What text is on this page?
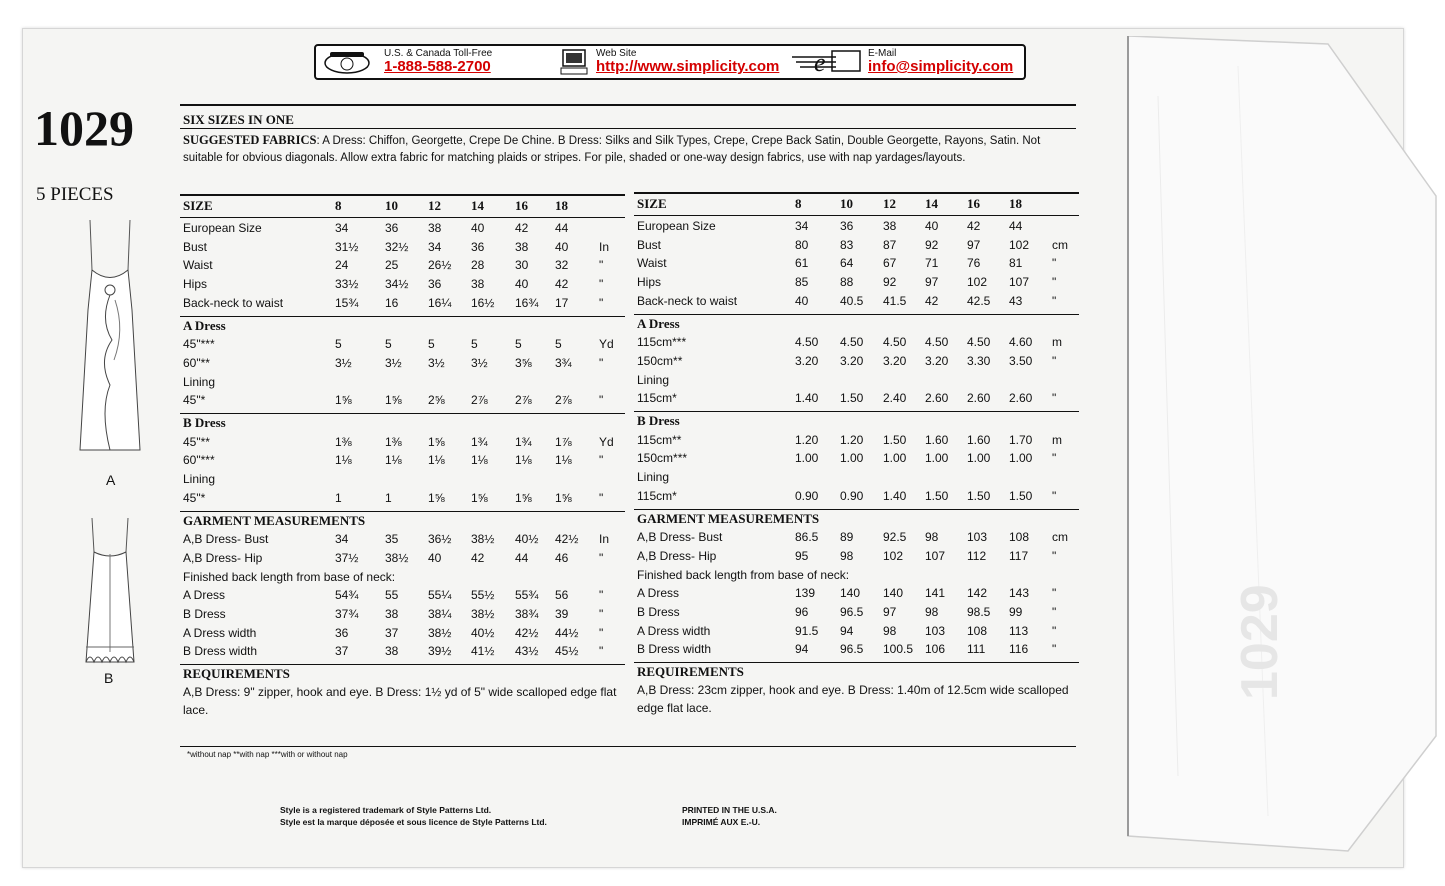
1029
U.S. & Canada Toll-Free
1-888-588-2700
Web Site
http://www.simplicity.com e	E-Mail
info@simplicity.com
1029
5 PIECES
SIX SIZES IN ONE
SUGGESTED FABRICS: A Dress: Chiffon, Georgette, Crepe De Chine. B Dress: Silks and Silk Types, Crepe, Crepe Back Satin, Double Georgette, Rayons, Satin. Not suitable for obvious diagonals. Allow extra fabric for matching plaids or stripes. For pile, shaded or one-way design fabrics, use with nap yardages/layouts.
A
B
SIZE	8	10 12 14 16 18
European Size	34	36 38 40	42 44
Bust	31½ 32½ 34 36	38 40	In
Waist	24	25 26½ 28	30 32	"
Hips	33½ 34½ 36 38	40 42	"
Back-neck to waist	15¾ 16 16¼ 16½ 16¾ 17	"
A Dress
45"***	5	5	5	5	5	5	Yd
60"**	3½	3½ 3½ 3½ 3⅝ 3¾ "
Lining
45"*	1⅝	1⅝ 2⅝ 2⅞ 2⅞ 2⅞ "
B Dress
45"**	1⅜	1⅜ 1⅝ 1¾ 1¾ 1⅞ Yd
60"***	1⅛	1⅛ 1⅛ 1⅛ 1⅛ 1⅛ "
Lining
45"*	1	1	1⅝ 1⅝ 1⅝ 1⅝ "
GARMENT MEASUREMENTS
A,B Dress- Bust	34	35 36½ 38½ 40½ 42½ In
A,B Dress- Hip	37½ 38½ 40 42	44 46	"
Finished back length from base of neck:
A Dress	54¾ 55 55¼ 55½ 55¾ 56	"
B Dress	37¾ 38 38¼ 38½ 38¾ 39	"
A Dress width	36	37 38½ 40½ 42½ 44½ "
B Dress width	37	38 39½ 41½ 43½ 45½ "
REQUIREMENTS
A,B Dress: 9" zipper, hook and eye. B Dress: 1½ yd of 5" wide scalloped edge flat lace.
SIZE	8	10 12 14 16 18
European Size	34	36 38 40 42 44
Bust	80	83 87 92 97 102 cm
Waist	61	64 67 71 76 81 "
Hips	85	88 92 97 102 107 "
Back-neck to waist	40	40.5 41.5 42 42.5 43 "
A Dress
115cm***	4.50 4.50 4.50 4.50 4.50 4.60 m
150cm**	3.20 3.20 3.20 3.20 3.30 3.50 "
Lining
115cm*	1.40 1.50 2.40 2.60 2.60 2.60 "
B Dress
115cm**	1.20 1.20 1.50 1.60 1.60 1.70 m
150cm***	1.00 1.00 1.00 1.00 1.00 1.00 "
Lining
115cm*	0.90 0.90 1.40 1.50 1.50 1.50 "
GARMENT MEASUREMENTS
A,B Dress- Bust	86.5 89 92.5 98 103 108 cm
A,B Dress- Hip	95	98 102 107 112 117 "
Finished back length from base of neck:
A Dress	139 140 140 141 142 143 "
B Dress	96	96.5 97 98 98.5 99 "
A Dress width	91.5 94 98 103 108 113 "
B Dress width	94	96.5 100.5 106 111 116 "
REQUIREMENTS
A,B Dress: 23cm zipper, hook and eye. B Dress: 1.40m of 12.5cm wide scalloped edge flat lace.
*without nap **with nap ***with or without nap
Style is a registered trademark of Style Patterns Ltd.
Style est la marque déposée et sous licence de Style Patterns Ltd.
PRINTED IN THE U.S.A.
IMPRIMÉ AUX E.-U.
